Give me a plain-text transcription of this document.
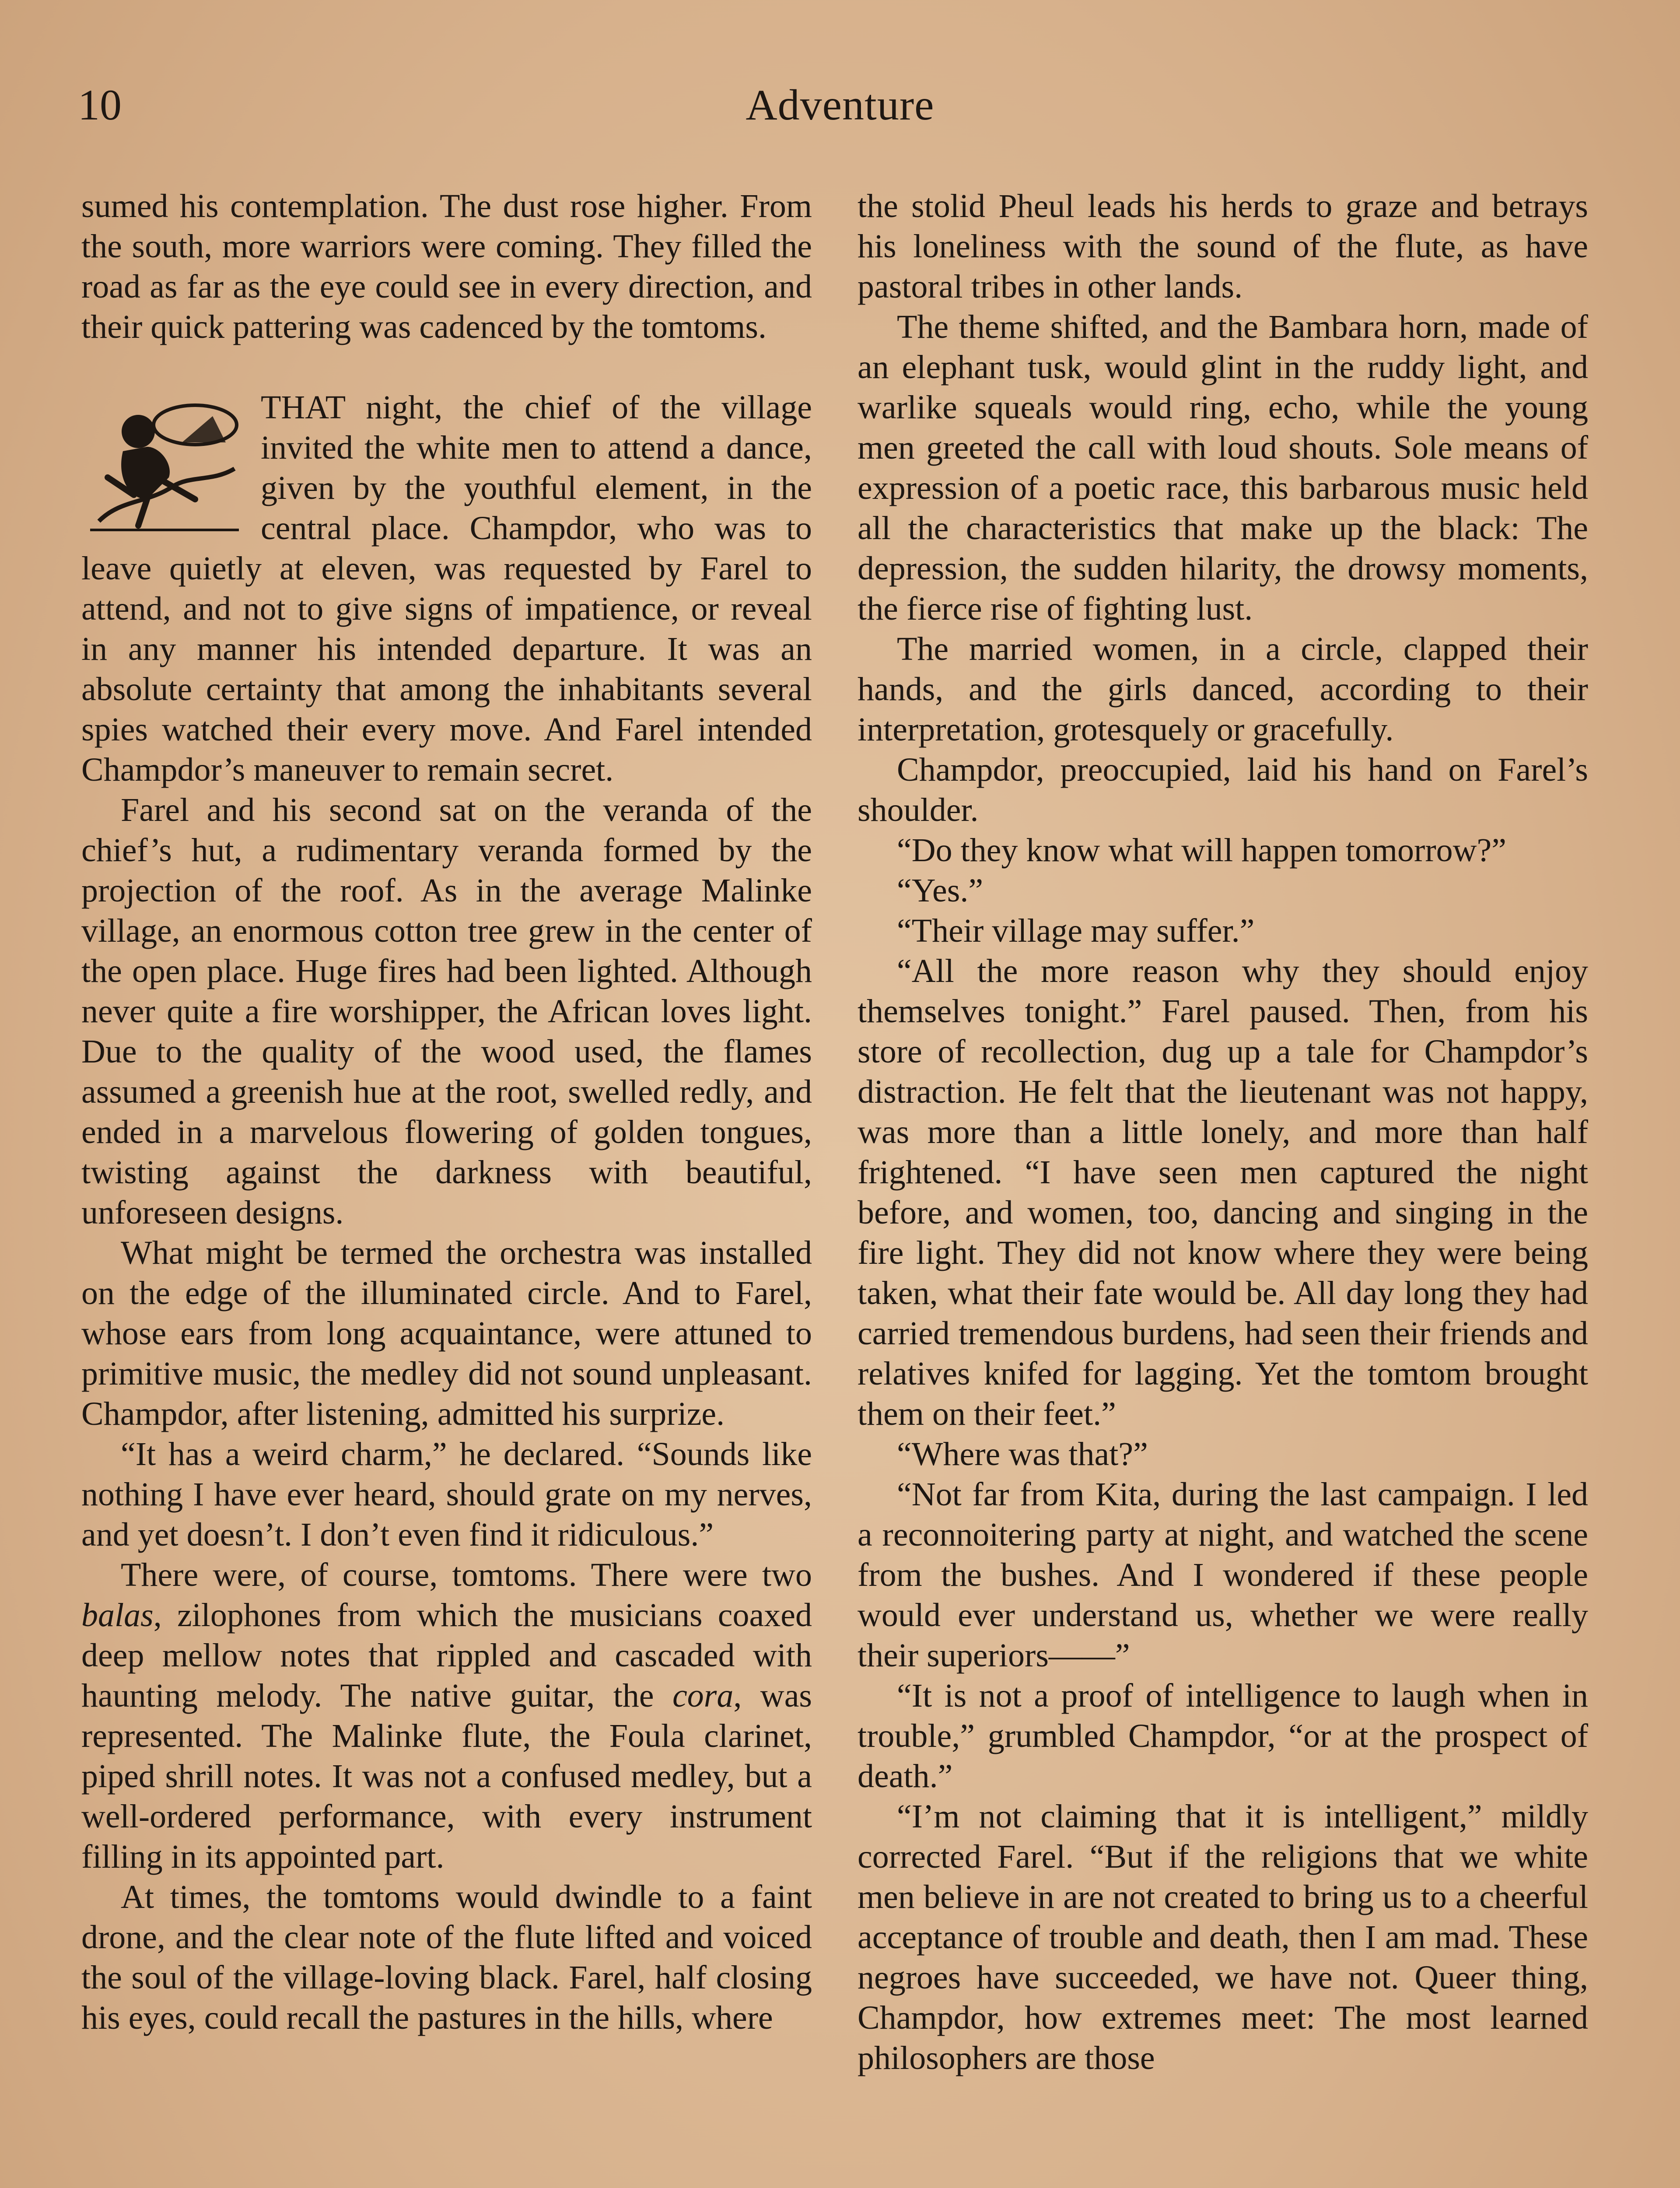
10	Adventure

sumed his contemplation. The dust rose higher. From the south, more warriors were coming. They filled the road as far as the eye could see in every direction, and their quick pattering was cadenced by the tomtoms.

THAT night, the chief of the village invited the white men to attend a dance, given by the youthful element, in the central place. Champdor, who was to leave quietly at eleven, was requested by Farel to attend, and not to give signs of impatience, or reveal in any manner his intended departure. It was an absolute certainty that among the inhabitants several spies watched their every move. And Farel intended Champdor’s maneuver to remain secret.

Farel and his second sat on the veranda of the chief’s hut, a rudimentary veranda formed by the projection of the roof. As in the average Malinke village, an enormous cotton tree grew in the center of the open place. Huge fires had been lighted. Although never quite a fire worshipper, the African loves light. Due to the quality of the wood used, the flames assumed a greenish hue at the root, swelled redly, and ended in a marvelous flowering of golden tongues, twisting against the darkness with beautiful, unforeseen designs.

What might be termed the orchestra was installed on the edge of the illuminated circle. And to Farel, whose ears from long acquaintance, were attuned to primitive music, the medley did not sound unpleasant. Champdor, after listening, admitted his surprize.

“It has a weird charm,” he declared. “Sounds like nothing I have ever heard, should grate on my nerves, and yet doesn’t. I don’t even find it ridiculous.”

There were, of course, tomtoms. There were two balas, zilophones from which the musicians coaxed deep mellow notes that rippled and cascaded with haunting melody. The native guitar, the cora, was represented. The Malinke flute, the Foula clarinet, piped shrill notes. It was not a confused medley, but a well-ordered performance, with every instrument filling in its appointed part.

At times, the tomtoms would dwindle to a faint drone, and the clear note of the flute lifted and voiced the soul of the village-loving black. Farel, half closing his eyes, could recall the pastures in the hills, where

the stolid Pheul leads his herds to graze and betrays his loneliness with the sound of the flute, as have pastoral tribes in other lands.

The theme shifted, and the Bambara horn, made of an elephant tusk, would glint in the ruddy light, and warlike squeals would ring, echo, while the young men greeted the call with loud shouts. Sole means of expression of a poetic race, this barbarous music held all the characteristics that make up the black: The depression, the sudden hilarity, the drowsy moments, the fierce rise of fighting lust.

The married women, in a circle, clapped their hands, and the girls danced, according to their interpretation, grotesquely or gracefully.

Champdor, preoccupied, laid his hand on Farel’s shoulder.

“Do they know what will happen tomorrow?”

“Yes.”

“Their village may suffer.”

“All the more reason why they should enjoy themselves tonight.” Farel paused. Then, from his store of recollection, dug up a tale for Champdor’s distraction. He felt that the lieutenant was not happy, was more than a little lonely, and more than half frightened. “I have seen men captured the night before, and women, too, dancing and singing in the fire light. They did not know where they were being taken, what their fate would be. All day long they had carried tremendous burdens, had seen their friends and relatives knifed for lagging. Yet the tomtom brought them on their feet.”

“Where was that?”

“Not far from Kita, during the last campaign. I led a reconnoitering party at night, and watched the scene from the bushes. And I wondered if these people would ever understand us, whether we were really their superiors——”

“It is not a proof of intelligence to laugh when in trouble,” grumbled Champdor, “or at the prospect of death.”

“I’m not claiming that it is intelligent,” mildly corrected Farel. “But if the religions that we white men believe in are not created to bring us to a cheerful acceptance of trouble and death, then I am mad. These negroes have succeeded, we have not. Queer thing, Champdor, how extremes meet: The most learned philosophers are those
